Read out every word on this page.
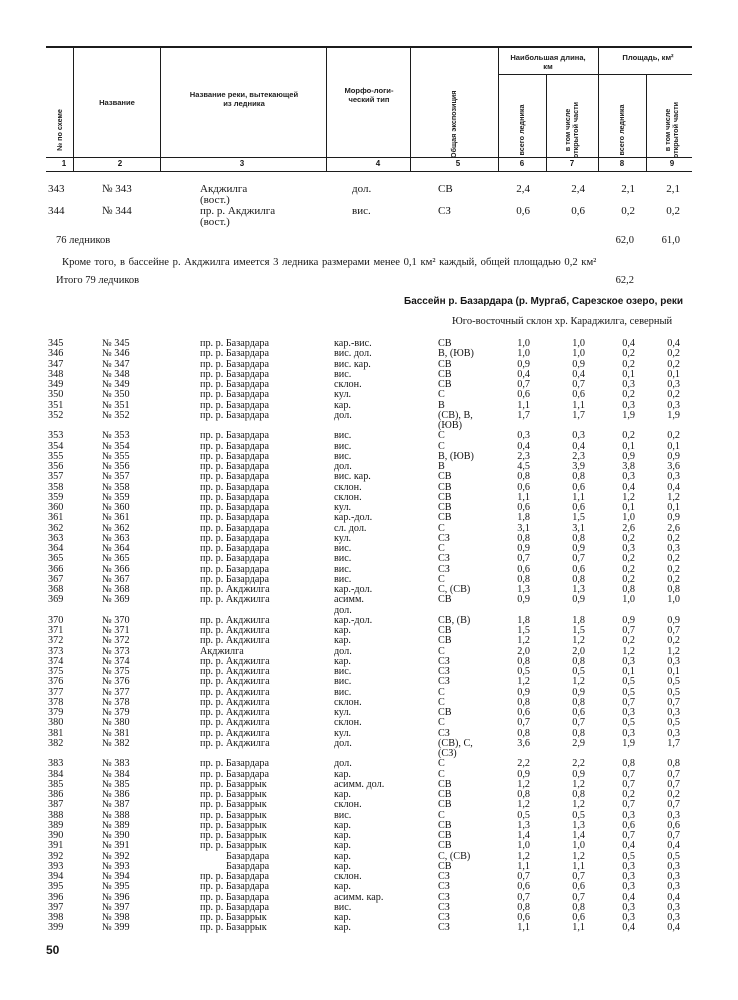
№ по схеме
Название
Название реки, вытекающей из ледника
Морфо-логи-ческий тип	Общая экспозиция
Наибольшая длина, км
всего ледника	в том числе открытой части
Площадь, км²
всего ледника	в том числе открытой части
1	2	3	4	5	6	7	8	9
343	№ 343	Акджилга	дол.	СВ	2,4	2,4	2,1	2,1
(вост.)
344	№ 344	пр. р. Акджилга	вис.	СЗ	0,6	0,6	0,2	0,2
(вост.)
76 ледников	62,0	61,0
Кроме того, в бассейне р. Акджилга имеется 3 ледника размерами менее 0,1 км² каждый, общей площадью 0,2 км²
Итого 79 ледчиков	62,2
Бассейн р. Базардара (р. Мургаб, Сарезское озеро, реки
Юго-восточный склон хр. Караджилга, северный
345	№ 345	пр. р. Базардара	кар.-вис.	СВ	1,0	1,0	0,4	0,4
346	№ 346	пр. р. Базардара	вис. дол.	В, (ЮВ)	1,0	1,0	0,2	0,2
347	№ 347	пр. р. Базардара	вис. кар.	СВ	0,9	0,9	0,2	0,2
348	№ 348	пр. р. Базардара	вис.	СВ	0,4	0,4	0,1	0,1
349	№ 349	пр. р. Базардара	склон.	СВ	0,7	0,7	0,3	0,3
350	№ 350	пр. р. Базардара	кул.	С	0,6	0,6	0,2	0,2
351	№ 351	пр. р. Базардара	кар.	В	1,1	1,1	0,3	0,3
352	№ 352	пр. р. Базардара	дол.	(СВ), В,	1,7	1,7	1,9	1,9
(ЮВ)
353	№ 353	пр. р. Базардара	вис.	С	0,3	0,3	0,2	0,2
354	№ 354	пр. р. Базардара	вис.	С	0,4	0,4	0,1	0,1
355	№ 355	пр. р. Базардара	вис.	В, (ЮВ)	2,3	2,3	0,9	0,9
356	№ 356	пр. р. Базардара	дол.	В	4,5	3,9	3,8	3,6
357	№ 357	пр. р. Базардара	вис. кар.	СВ	0,8	0,8	0,3	0,3
358	№ 358	пр. р. Базардара	склон.	СВ	0,6	0,6	0,4	0,4
359	№ 359	пр. р. Базардара	склон.	СВ	1,1	1,1	1,2	1,2
360	№ 360	пр. р. Базардара	кул.	СВ	0,6	0,6	0,1	0,1
361	№ 361	пр. р. Базардара	кар.-дол.	СВ	1,8	1,5	1,0	0,9
362	№ 362	пр. р. Базардара	сл. дол.	С	3,1	3,1	2,6	2,6
363	№ 363	пр. р. Базардара	кул.	СЗ	0,8	0,8	0,2	0,2
364	№ 364	пр. р. Базардара	вис.	С	0,9	0,9	0,3	0,3
365	№ 365	пр. р. Базардара	вис.	СЗ	0,7	0,7	0,2	0,2
366	№ 366	пр. р. Базардара	вис.	СЗ	0,6	0,6	0,2	0,2
367	№ 367	пр. р. Базардара	вис.	С	0,8	0,8	0,2	0,2
368	№ 368	пр. р. Акджилга	кар.-дол.	С, (СВ)	1,3	1,3	0,8	0,8
369	№ 369	пр. р. Акджилга	асимм.	СВ	0,9	0,9	1,0	1,0
дол.
370	№ 370	пр. р. Акджилга	кар.-дол.	СВ, (В)	1,8	1,8	0,9	0,9
371	№ 371	пр. р. Акджилга	кар.	СВ	1,5	1,5	0,7	0,7
372	№ 372	пр. р. Акджилга	кар.	СВ	1,2	1,2	0,2	0,2
373	№ 373	Акджилга	дол.	С	2,0	2,0	1,2	1,2
374	№ 374	пр. р. Акджилга	кар.	СЗ	0,8	0,8	0,3	0,3
375	№ 375	пр. р. Акджилга	вис.	СЗ	0,5	0,5	0,1	0,1
376	№ 376	пр. р. Акджилга	вис.	СЗ	1,2	1,2	0,5	0,5
377	№ 377	пр. р. Акджилга	вис.	С	0,9	0,9	0,5	0,5
378	№ 378	пр. р. Акджилга	склон.	С	0,8	0,8	0,7	0,7
379	№ 379	пр. р. Акджилга	кул.	СВ	0,6	0,6	0,3	0,3
380	№ 380	пр. р. Акджилга	склон.	С	0,7	0,7	0,5	0,5
381	№ 381	пр. р. Акджилга	кул.	СЗ	0,8	0,8	0,3	0,3
382	№ 382	пр. р. Акджилга	дол.	(СВ), С,	3,6	2,9	1,9	1,7
(СЗ)
383	№ 383	пр. р. Базардара	дол.	С	2,2	2,2	0,8	0,8
384	№ 384	пр. р. Базардара	кар.	С	0,9	0,9	0,7	0,7
385	№ 385	пр. р. Базаррык	асимм. дол.	СВ	1,2	1,2	0,7	0,7
386	№ 386	пр. р. Базаррык	кар.	СВ	0,8	0,8	0,2	0,2
387	№ 387	пр. р. Базаррык	склон.	СВ	1,2	1,2	0,7	0,7
388	№ 388	пр. р. Базаррык	вис.	С	0,5	0,5	0,3	0,3
389	№ 389	пр. р. Базаррык	кар.	СВ	1,3	1,3	0,6	0,6
390	№ 390	пр. р. Базаррык	кар.	СВ	1,4	1,4	0,7	0,7
391	№ 391	пр. р. Базаррык	кар.	СВ	1,0	1,0	0,4	0,4
392	№ 392	Базардара	кар.	С, (СВ)	1,2	1,2	0,5	0,5
393	№ 393	Базардара	кар.	СВ	1,1	1,1	0,3	0,3
394	№ 394	пр. р. Базардара	склон.	СЗ	0,7	0,7	0,3	0,3
395	№ 395	пр. р. Базардара	кар.	СЗ	0,6	0,6	0,3	0,3
396	№ 396	пр. р. Базардара	асимм. кар.	СЗ	0,7	0,7	0,4	0,4
397	№ 397	пр. р. Базардара	вис.	СЗ	0,8	0,8	0,3	0,3
398	№ 398	пр. р. Базаррык	кар.	СЗ	0,6	0,6	0,3	0,3
399	№ 399	пр. р. Базаррык	кар.	СЗ	1,1	1,1	0,4	0,4
50
